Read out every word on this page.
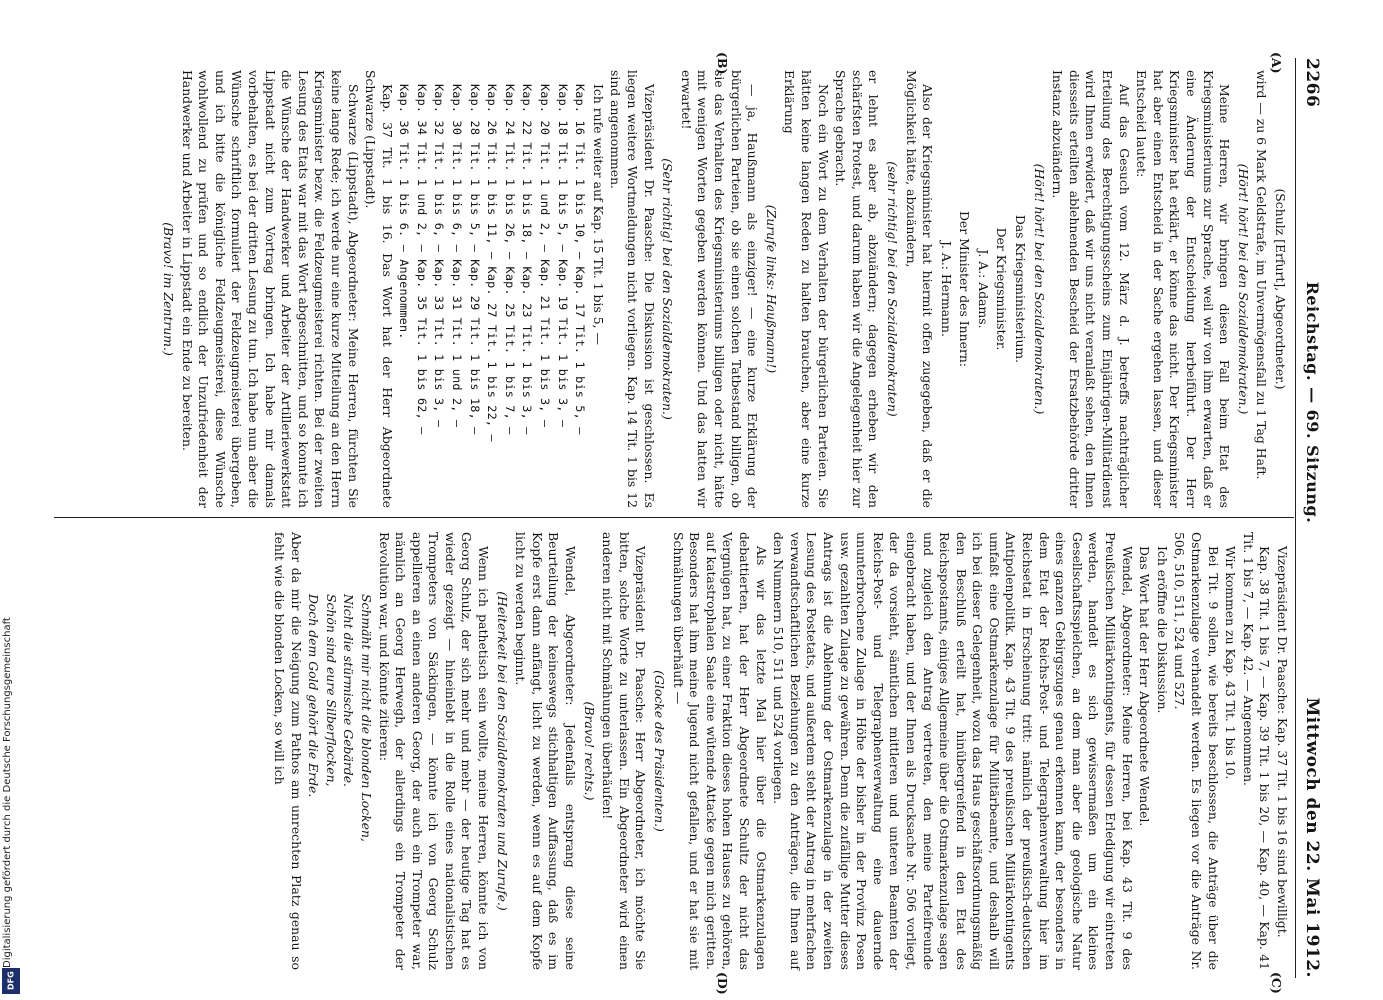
2266
Reichstag. — 69. Sitzung.
Mittwoch den 22. Mai 1912.
(A)
(B)
(C)
(D)

(Schulz [Erfurt], Abgeordneter.)

wird — zu 6 Mark Geldstrafe, im Unvermögensfall zu 1 Tag Haft.

(Hört! hört! bei den Sozialdemokraten.)

Meine Herren, wir bringen diesen Fall beim Etat des Kriegsministeriums zur Sprache, weil wir von ihm erwarten, daß er eine Änderung der Entscheidung herbeiführt. Der Herr Kriegsminister hat erklärt, er könne das nicht. Der Kriegsminister hat aber einen Entscheid in der Sache ergehen lassen, und dieser Entscheid lautet:

Auf das Gesuch vom 12. März d. J. betreffs nachträglicher Erteilung des Berechtigungsscheins zum Einjährigen-Militärdienst wird Ihnen erwidert, daß wir uns nicht veranlaßt sehen, den Ihnen diesseits erteilten ablehnenden Bescheid der Ersatzbehörde dritter Instanz abzuändern.

(Hört! hört! bei den Sozialdemokraten.)

Das Kriegsministerium.

Der Kriegsminister.

J. A.: Adams.

Der Minister des Innern:

J. A.: Hermann.

Also der Kriegsminister hat hiermit offen zugegeben, daß er die Möglichkeit hätte, abzuändern,

(sehr richtig! bei den Sozialdemokraten)

er lehnt es aber ab, abzuändern; dagegen erheben wir den schärfsten Protest, und darum haben wir die Angelegenheit hier zur Sprache gebracht.

Noch ein Wort zu dem Verhalten der bürgerlichen Parteien. Sie hätten keine langen Reden zu halten brauchen, aber eine kurze Erklärung

(Zurufe links: Haußmann!)

— ja, Haußmann als einziger! — eine kurze Erklärung der bürgerlichen Parteien, ob sie einen solchen Tatbestand billigen, ob sie das Verhalten des Kriegsministeriums billigen oder nicht, hätte mit wenigen Worten gegeben werden können. Und das hatten wir erwartet!

(Sehr richtig! bei den Sozialdemokraten.)

Vizepräsident Dr. Paasche: Die Diskussion ist geschlossen. Es liegen weitere Wortmeldungen nicht vorliegen. Kap. 14 Tit. 1 bis 12 sind angenommen.

Ich rufe weiter auf Kap. 15 Tit. 1 bis 5, —

Kap. 16 Tit. 1 bis 10, — Kap. 17 Tit. 1 bis 5, —

Kap. 18 Tit. 1 bis 5, — Kap. 19 Tit. 1 bis 3, —

Kap. 20 Tit. 1 und 2, — Kap. 21 Tit. 1 bis 3, —

Kap. 22 Tit. 1 bis 18, — Kap. 23 Tit. 1 bis 3, —

Kap. 24 Tit. 1 bis 26, — Kap. 25 Tit. 1 bis 7, —

Kap. 26 Tit. 1 bis 11, — Kap. 27 Tit. 1 bis 22, —

Kap. 28 Tit. 1 bis 5, — Kap. 29 Tit. 1 bis 18, —

Kap. 30 Tit. 1 bis 6, — Kap. 31 Tit. 1 und 2, —

Kap. 32 Tit. 1 bis 6, — Kap. 33 Tit. 1 bis 3, —

Kap. 34 Tit. 1 und 2, — Kap. 35 Tit. 1 bis 62, —

Kap. 36 Tit. 1 bis 6. — Angenommen.

Kap. 37 Tit. 1 bis 16. Das Wort hat der Herr Abgeordnete Schwarze (Lippstadt).

Schwarze (Lippstadt), Abgeordneter: Meine Herren, fürchten Sie keine lange Rede; ich werde nur eine kurze Mitteilung an den Herrn Kriegsminister bezw. die Feldzeugmeisterei richten. Bei der zweiten Lesung des Etats war mit das Wort abgeschnitten, und so konnte ich die Wünsche der Handwerker und Arbeiter der Artilleriewerkstatt Lippstadt nicht zum Vortrag bringen. Ich habe mir damals vorbehalten, es bei der dritten Lesung zu tun. Ich habe nun aber die Wünsche schriftlich formuliert der Feldzeugmeisterei übergeben, und ich bitte die königliche Feldzeugmeisterei, diese Wünsche wohlwollend zu prüfen und so endlich der Unzufriedenheit der Handwerker und Arbeiter in Lippstadt ein Ende zu bereiten.

(Bravo! im Zentrum.)

Vizepräsident Dr. Paasche: Kap. 37 Tit. 1 bis 16 sind bewilligt.

Kap. 38 Tit. 1 bis 7, — Kap. 39 Tit. 1 bis 20, — Kap. 40, — Kap. 41 Tit. 1 bis 7, — Kap. 42. — Angenommen.

Wir kommen zu Kap. 43 Tit. 1 bis 10.

Bei Tit. 9 sollen, wie bereits beschlossen, die Anträge über die Ostmarkenzulage verhandelt werden. Es liegen vor die Anträge Nr. 506, 510, 511, 524 und 527.

Ich eröffne die Diskussion.

Das Wort hat der Herr Abgeordnete Wendel.

Wendel, Abgeordneter: Meine Herren, bei Kap. 43 Tit. 9 des Preußischen Militärkontingents, für dessen Erledigung wir eintreten werden, handelt es sich gewissermaßen um ein kleines Gesellschaftsspielchen, an dem man aber die geologische Natur eines ganzen Gebirgszuges genau erkennen kann, der besonders in dem Etat der Reichs-Post- und Telegraphenverwaltung hier im Reichsetat in Erscheinung tritt: nämlich der preußisch-deutschen Antipolenpolitik. Kap. 43 Tit. 9 des preußischen Militärkontingents umfaßt eine Ostmarkenzulage für Militärbeamte, und deshalb will ich bei dieser Gelegenheit, wozu das Haus geschäftsordnungsmäßig den Beschluß erteilt hat, hinübergreifend in den Etat des Reichspostamts, einiges Allgemeine über die Ostmarkenzulage sagen und zugleich den Antrag vertreten, den meine Parteifreunde eingebracht haben, und der Ihnen als Drucksache Nr. 506 vorliegt, der da vorsieht, sämtlichen mittleren und unteren Beamten der Reichs-Post- und Telegraphenverwaltung eine dauernde ununterbrochene Zulage in Höhe der bisher in der Provinz Posen usw. gezahlten Zulage zu gewähren. Denn die zufällige Mutter dieses Antrags ist die Ablehnung der Ostmarkenzulage in der zweiten Lesung des Postetats, und außerdem steht der Antrag in mehrfachen verwandtschaftlichen Beziehungen zu den Anträgen, die Ihnen auf den Nummern 510, 511 und 524 vorliegen.

Als wir das letzte Mal hier über die Ostmarkenzulagen debattierten, hat der Herr Abgeordnete Schultz der nicht das Vergnügen hat, zu einer Fraktion dieses hohen Hauses zu gehören, auf katastrophalen Saale eine wütende Attacke gegen mich geritten. Besonders hat ihm meine Jugend nicht gefallen, und er hat sie mit Schmähungen überhäuft —

(Glocke des Präsidenten.)

Vizepräsident Dr. Paasche: Herr Abgeordneter, ich möchte Sie bitten, solche Worte zu unterlassen. Ein Abgeordneter wird einen anderen nicht mit Schmähungen überhäufen!

(Bravo! rechts.)

Wendel, Abgeordneter: Jedenfalls entsprang diese seine Beurteilung der keineswegs stichhaltigen Auffassung, daß es im Kopfe erst dann anfängt, licht zu werden, wenn es auf dem Kopfe licht zu werden beginnt.

(Heiterkeit bei den Sozialdemokraten und Zurufe.)

Wenn ich pathetisch sein wollte, meine Herren, könnte ich von Georg Schulz, der sich mehr und mehr — der heutige Tag hat es wieder gezeigt — hineinlebt in die Rolle eines nationalistischen Trompeters von Säckingen, — könnte ich von Georg Schulz appellieren an einen anderen Georg, der auch ein Trompeter war, nämlich an Georg Herwegh, der allerdings ein Trompeter der Revolution war, und könnte zitieren:

Schmäht mir nicht die blonden Locken,

Nicht die stürmische Gebärde.

Schön sind eure Silberflocken,

Doch dem Gold gehört die Erde.

Aber da mir die Neigung zum Pathos am unrechten Platz genau so fehlt wie die blonden Locken, so will ich

Digitalisierung gefördert durch die Deutsche Forschungsgemeinschaft
DFG
